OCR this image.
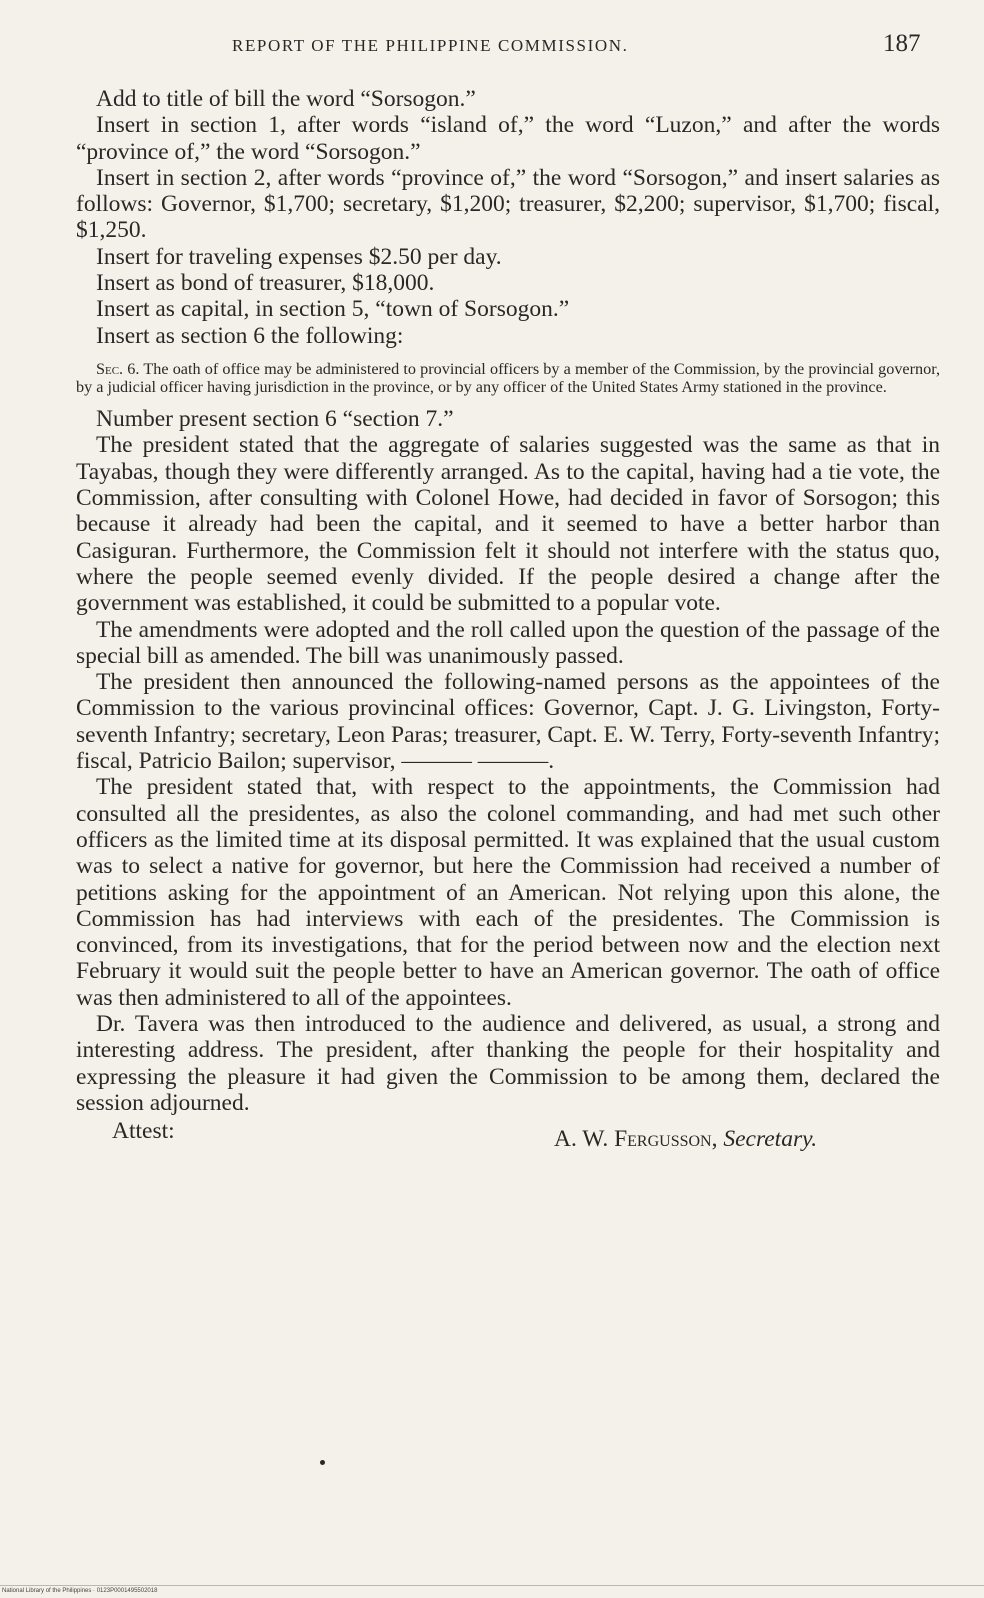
REPORT OF THE PHILIPPINE COMMISSION.	187

Add to title of bill the word “Sorsogon.”

Insert in section 1, after words “island of,” the word “Luzon,” and after the words “province of,” the word “Sorsogon.”

Insert in section 2, after words “province of,” the word “Sorsogon,” and insert salaries as follows: Governor, $1,700; secretary, $1,200; treasurer, $2,200; supervisor, $1,700; fiscal, $1,250.

Insert for traveling expenses $2.50 per day.

Insert as bond of treasurer, $18,000.

Insert as capital, in section 5, “town of Sorsogon.”

Insert as section 6 the following:

Sec. 6. The oath of office may be administered to provincial officers by a member of the Commission, by the provincial governor, by a judicial officer having jurisdiction in the province, or by any officer of the United States Army stationed in the province.

Number present section 6 “section 7.”

The president stated that the aggregate of salaries suggested was the same as that in Tayabas, though they were differently arranged. As to the capital, having had a tie vote, the Commission, after consulting with Colonel Howe, had decided in favor of Sorsogon; this because it already had been the capital, and it seemed to have a better harbor than Casiguran. Furthermore, the Commission felt it should not interfere with the status quo, where the people seemed evenly divided. If the people desired a change after the government was established, it could be submitted to a popular vote.

The amendments were adopted and the roll called upon the question of the passage of the special bill as amended. The bill was unanimously passed.

The president then announced the following-named persons as the appointees of the Commission to the various provincinal offices: Governor, Capt. J. G. Livingston, Forty-seventh Infantry; secretary, Leon Paras; treasurer, Capt. E. W. Terry, Forty-seventh Infantry; fiscal, Patricio Bailon; supervisor, ——— ———.

The president stated that, with respect to the appointments, the Commission had consulted all the presidentes, as also the colonel commanding, and had met such other officers as the limited time at its disposal permitted. It was explained that the usual custom was to select a native for governor, but here the Commission had received a number of petitions asking for the appointment of an American. Not relying upon this alone, the Commission has had interviews with each of the presidentes. The Commission is convinced, from its investigations, that for the period between now and the election next February it would suit the people better to have an American governor. The oath of office was then administered to all of the appointees.

Dr. Tavera was then introduced to the audience and delivered, as usual, a strong and interesting address. The president, after thanking the people for their hospitality and expressing the pleasure it had given the Commission to be among them, declared the session adjourned.

Attest:	A. W. Fergusson, Secretary.
National Library of the Philippines · 0123P0001495502018
